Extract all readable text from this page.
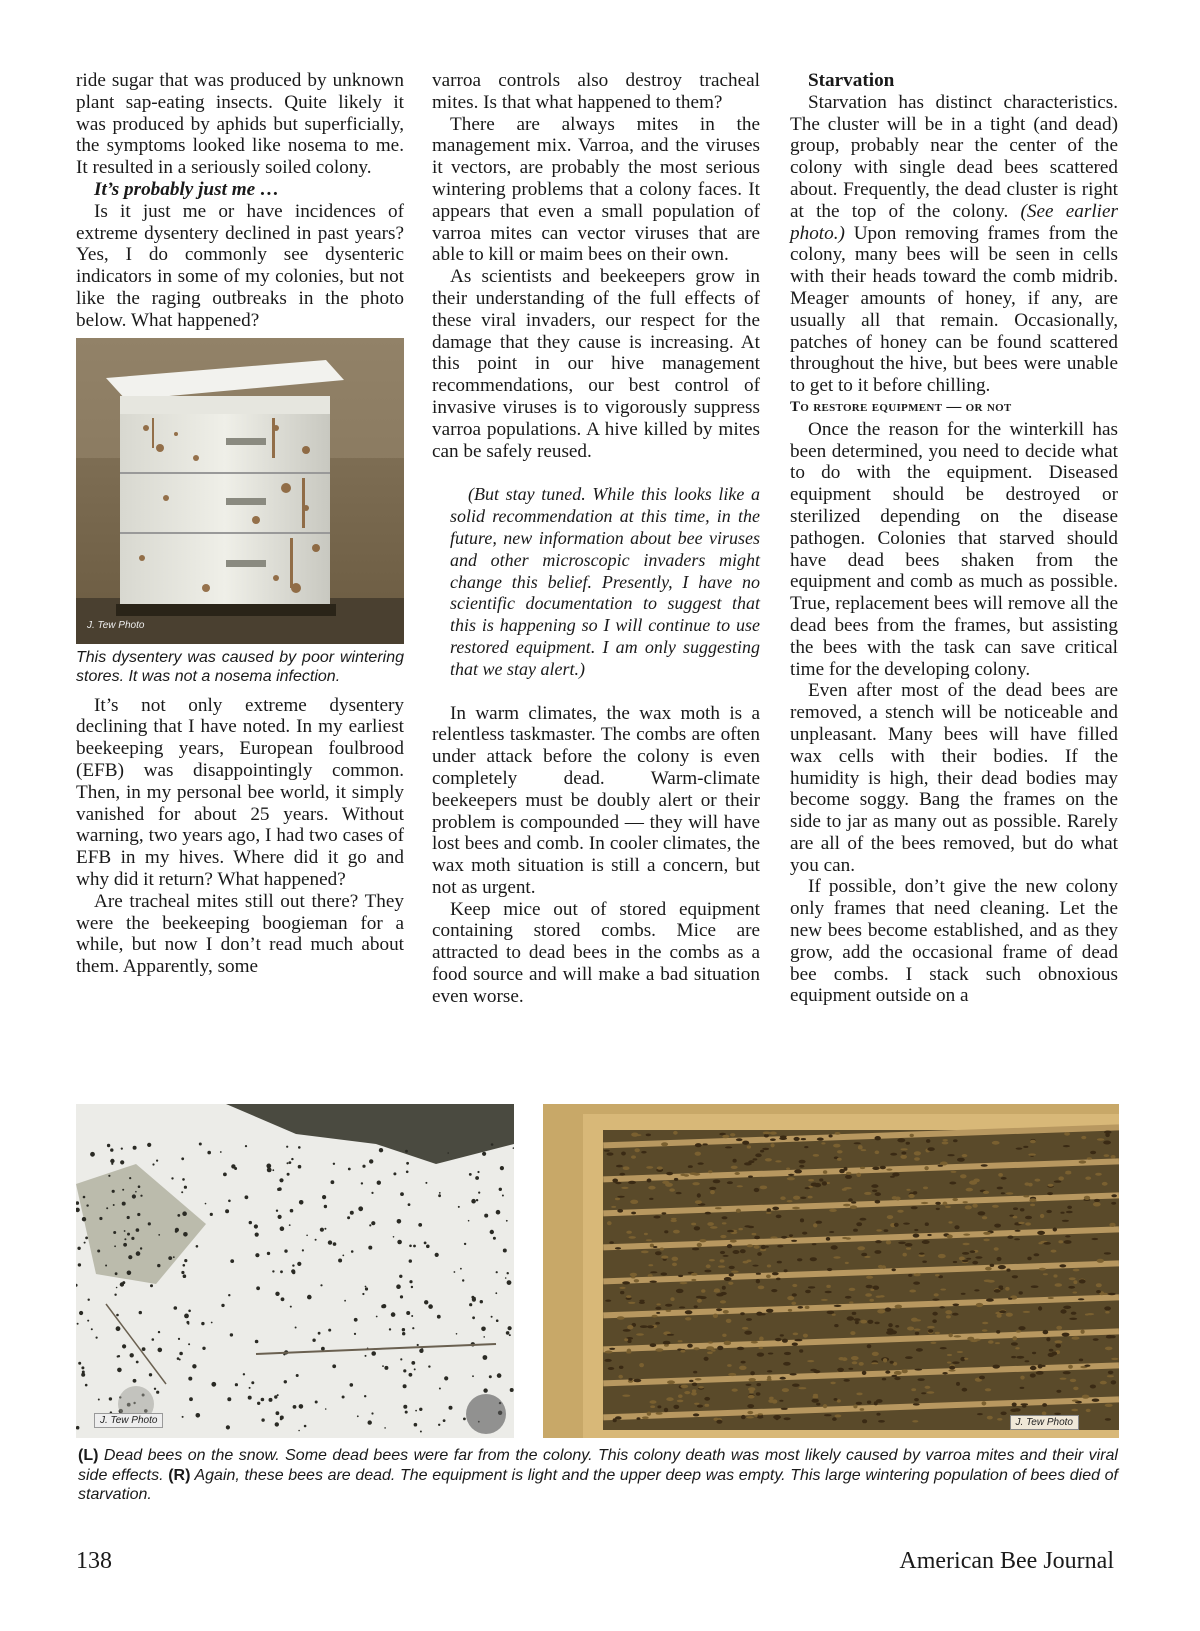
ride sugar that was produced by unknown plant sap-eating insects. Quite likely it was produced by aphids but superficially, the symptoms looked like nosema to me. It resulted in a seriously soiled colony.

It’s probably just me …

Is it just me or have incidences of extreme dysentery declined in past years? Yes, I do commonly see dysenteric indicators in some of my colonies, but not like the raging outbreaks in the photo below. What happened?

J. Tew Photo

This dysentery was caused by poor wintering stores. It was not a nosema infection.

It’s not only extreme dysentery declining that I have noted. In my earliest beekeeping years, European foulbrood (EFB) was disappointingly common. Then, in my personal bee world, it simply vanished for about 25 years. Without warning, two years ago, I had two cases of EFB in my hives. Where did it go and why did it return? What happened?

Are tracheal mites still out there? They were the beekeeping boogieman for a while, but now I don’t read much about them. Apparently, some

varroa controls also destroy tracheal mites. Is that what happened to them?

There are always mites in the management mix. Varroa, and the viruses it vectors, are probably the most serious wintering problems that a colony faces. It appears that even a small population of varroa mites can vector viruses that are able to kill or maim bees on their own.

As scientists and beekeepers grow in their understanding of the full effects of these viral invaders, our respect for the damage that they cause is increasing. At this point in our hive management recommendations, our best control of invasive viruses is to vigorously suppress varroa populations. A hive killed by mites can be safely reused.

(But stay tuned. While this looks like a solid recommendation at this time, in the future, new information about bee viruses and other microscopic invaders might change this belief. Presently, I have no scientific documentation to suggest that this is happening so I will continue to use restored equipment. I am only suggesting that we stay alert.)

In warm climates, the wax moth is a relentless taskmaster. The combs are often under attack before the colony is even completely dead. Warm-climate beekeepers must be doubly alert or their problem is compounded — they will have lost bees and comb. In cooler climates, the wax moth situation is still a concern, but not as urgent.

Keep mice out of stored equipment containing stored combs. Mice are attracted to dead bees in the combs as a food source and will make a bad situation even worse.

Starvation

Starvation has distinct characteristics. The cluster will be in a tight (and dead) group, probably near the center of the colony with single dead bees scattered about. Frequently, the dead cluster is right at the top of the colony. (See earlier photo.) Upon removing frames from the colony, many bees will be seen in cells with their heads toward the comb midrib. Meager amounts of honey, if any, are usually all that remain. Occasionally, patches of honey can be found scattered throughout the hive, but bees were unable to get to it before chilling.

To restore equipment — or not

Once the reason for the winterkill has been determined, you need to decide what to do with the equipment. Diseased equipment should be destroyed or sterilized depending on the disease pathogen. Colonies that starved should have dead bees shaken from the equipment and comb as much as possible. True, replacement bees will remove all the dead bees from the frames, but assisting the bees with the task can save critical time for the developing colony.

Even after most of the dead bees are removed, a stench will be noticeable and unpleasant. Many bees will have filled wax cells with their bodies. If the humidity is high, their dead bodies may become soggy. Bang the frames on the side to jar as many out as possible. Rarely are all of the bees removed, but do what you can.

If possible, don’t give the new colony only frames that need cleaning. Let the new bees become established, and as they grow, add the occasional frame of dead bee combs. I stack such obnoxious equipment outside on a

J. Tew Photo	J. Tew Photo
(L) Dead bees on the snow. Some dead bees were far from the colony. This colony death was most likely caused by varroa mites and their viral side effects. (R) Again, these bees are dead. The equipment is light and the upper deep was empty. This large wintering population of bees died of starvation.
138	American Bee Journal
